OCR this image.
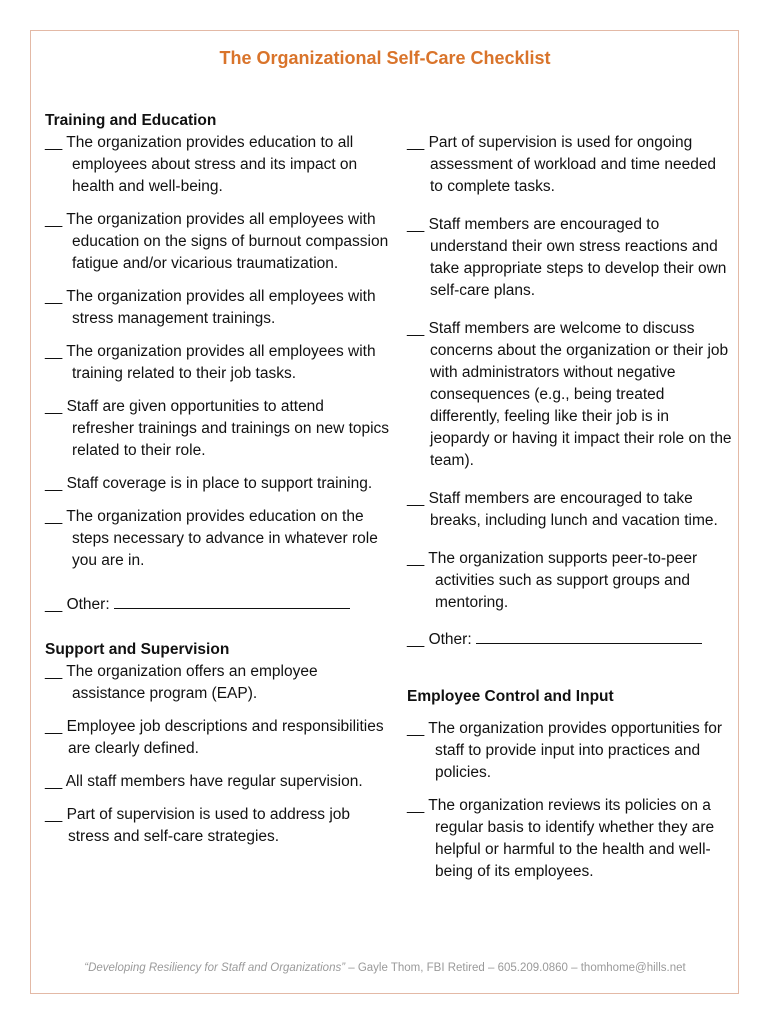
The Organizational Self-Care Checklist

Training and Education

__ The organization provides education to all employees about stress and its impact on health and well-being.

__ The organization provides all employees with education on the signs of burnout compassion fatigue and/or vicarious traumatization.

__ The organization provides all employees with stress management trainings.

__ The organization provides all employees with training related to their job tasks.

__ Staff are given opportunities to attend refresher trainings and trainings on new topics related to their role.

__ Staff coverage is in place to support training.

__ The organization provides education on the steps necessary to advance in whatever role you are in.

__ Other:

Support and Supervision

__ The organization offers an employee assistance program (EAP).

__ Employee job descriptions and responsibilities are clearly defined.

__ All staff members have regular supervision.

__ Part of supervision is used to address job stress and self-care strategies.

__ Part of supervision is used for ongoing assessment of workload and time needed to complete tasks.

__ Staff members are encouraged to understand their own stress reactions and take appropriate steps to develop their own self-care plans.

__ Staff members are welcome to discuss concerns about the organization or their job with administrators without negative consequences (e.g., being treated differently, feeling like their job is in jeopardy or having it impact their role on the team).

__ Staff members are encouraged to take breaks, including lunch and vacation time.

__ The organization supports peer-to-peer activities such as support groups and mentoring.

__ Other:

Employee Control and Input

__ The organization provides opportunities for staff to provide input into practices and policies.

__ The organization reviews its policies on a regular basis to identify whether they are helpful or harmful to the health and well-being of its employees.

“Developing Resiliency for Staff and Organizations” – Gayle Thom, FBI Retired – 605.209.0860 – thomhome@hills.net
